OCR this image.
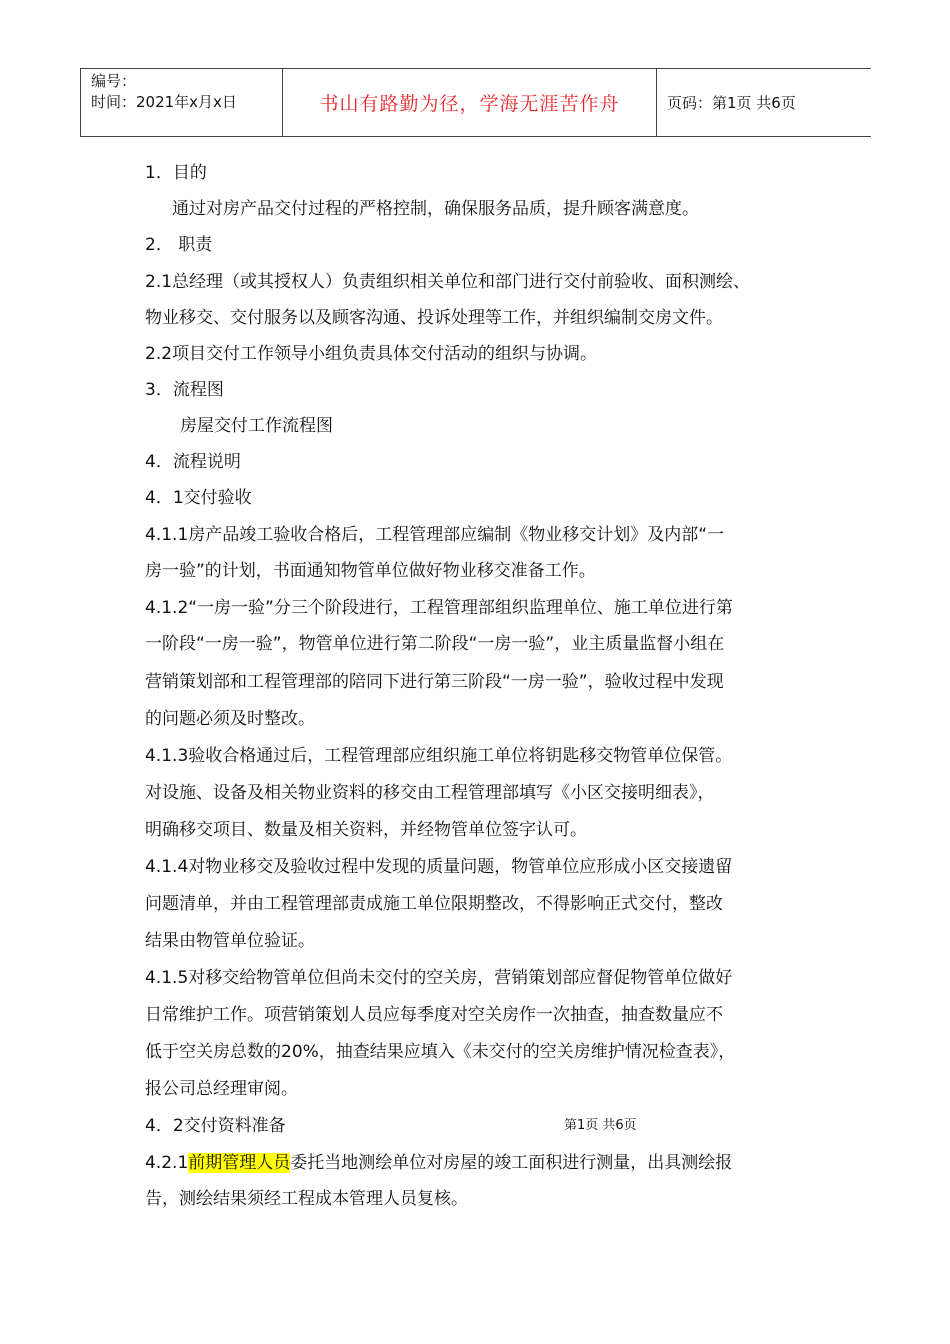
编号：
时间：2021年x月x日	书山有路勤为径，学海无涯苦作舟	页码：第1页 共6页
1．目的
通过对房产品交付过程的严格控制，确保服务品质，提升顾客满意度。
2． 职责
2.1总经理（或其授权人）负责组织相关单位和部门进行交付前验收、面积测绘、
物业移交、交付服务以及顾客沟通、投诉处理等工作，并组织编制交房文件。
2.2项目交付工作领导小组负责具体交付活动的组织与协调。
3．流程图
房屋交付工作流程图
4．流程说明
4．1交付验收
4.1.1房产品竣工验收合格后，工程管理部应编制《物业移交计划》及内部“一
房一验”的计划，书面通知物管单位做好物业移交准备工作。
4.1.2“一房一验”分三个阶段进行，工程管理部组织监理单位、施工单位进行第
一阶段“一房一验”，物管单位进行第二阶段“一房一验”，业主质量监督小组在
营销策划部和工程管理部的陪同下进行第三阶段“一房一验”，验收过程中发现
的问题必须及时整改。
4.1.3验收合格通过后，工程管理部应组织施工单位将钥匙移交物管单位保管。
对设施、设备及相关物业资料的移交由工程管理部填写《小区交接明细表》，
明确移交项目、数量及相关资料，并经物管单位签字认可。
4.1.4对物业移交及验收过程中发现的质量问题，物管单位应形成小区交接遗留
问题清单，并由工程管理部责成施工单位限期整改，不得影响正式交付，整改
结果由物管单位验证。
4.1.5对移交给物管单位但尚未交付的空关房，营销策划部应督促物管单位做好
日常维护工作。项营销策划人员应每季度对空关房作一次抽查，抽查数量应不
低于空关房总数的20%，抽查结果应填入《未交付的空关房维护情况检查表》，
报公司总经理审阅。
4．2交付资料准备
4.2.1前期管理人员委托当地测绘单位对房屋的竣工面积进行测量，出具测绘报
告，测绘结果须经工程成本管理人员复核。
第1页 共6页
